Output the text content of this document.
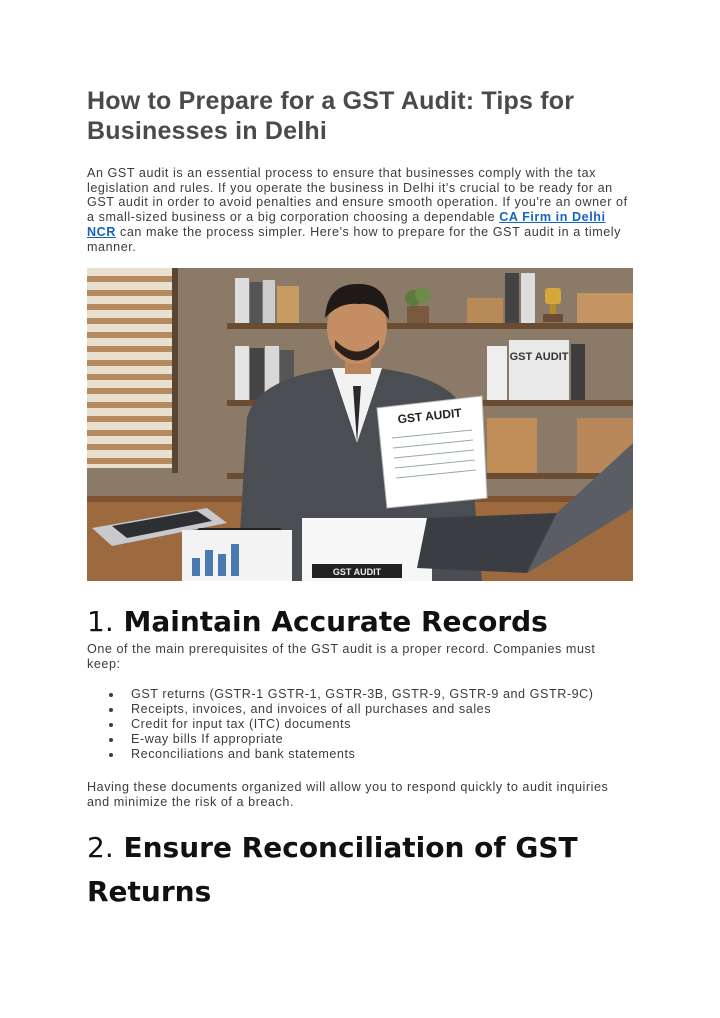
How to Prepare for a GST Audit: Tips for Businesses in Delhi

An GST audit is an essential process to ensure that businesses comply with the tax legislation and rules. If you operate the business in Delhi it's crucial to be ready for an GST audit in order to avoid penalties and ensure smooth operation. If you're an owner of a small-sized business or a big corporation choosing a dependable CA Firm in Delhi NCR can make the process simpler. Here's how to prepare for the GST audit in a timely manner.

GST AUDIT
GST AUDIT
GST AUDIT
1. Maintain Accurate Records

One of the main prerequisites of the GST audit is a proper record. Companies must keep:

GST returns (GSTR-1 GSTR-1, GSTR-3B, GSTR-9, GSTR-9 and GSTR-9C)
Receipts, invoices, and invoices of all purchases and sales
Credit for input tax (ITC) documents
E-way bills If appropriate
Reconciliations and bank statements

Having these documents organized will allow you to respond quickly to audit inquiries and minimize the risk of a breach.

2. Ensure Reconciliation of GST Returns
